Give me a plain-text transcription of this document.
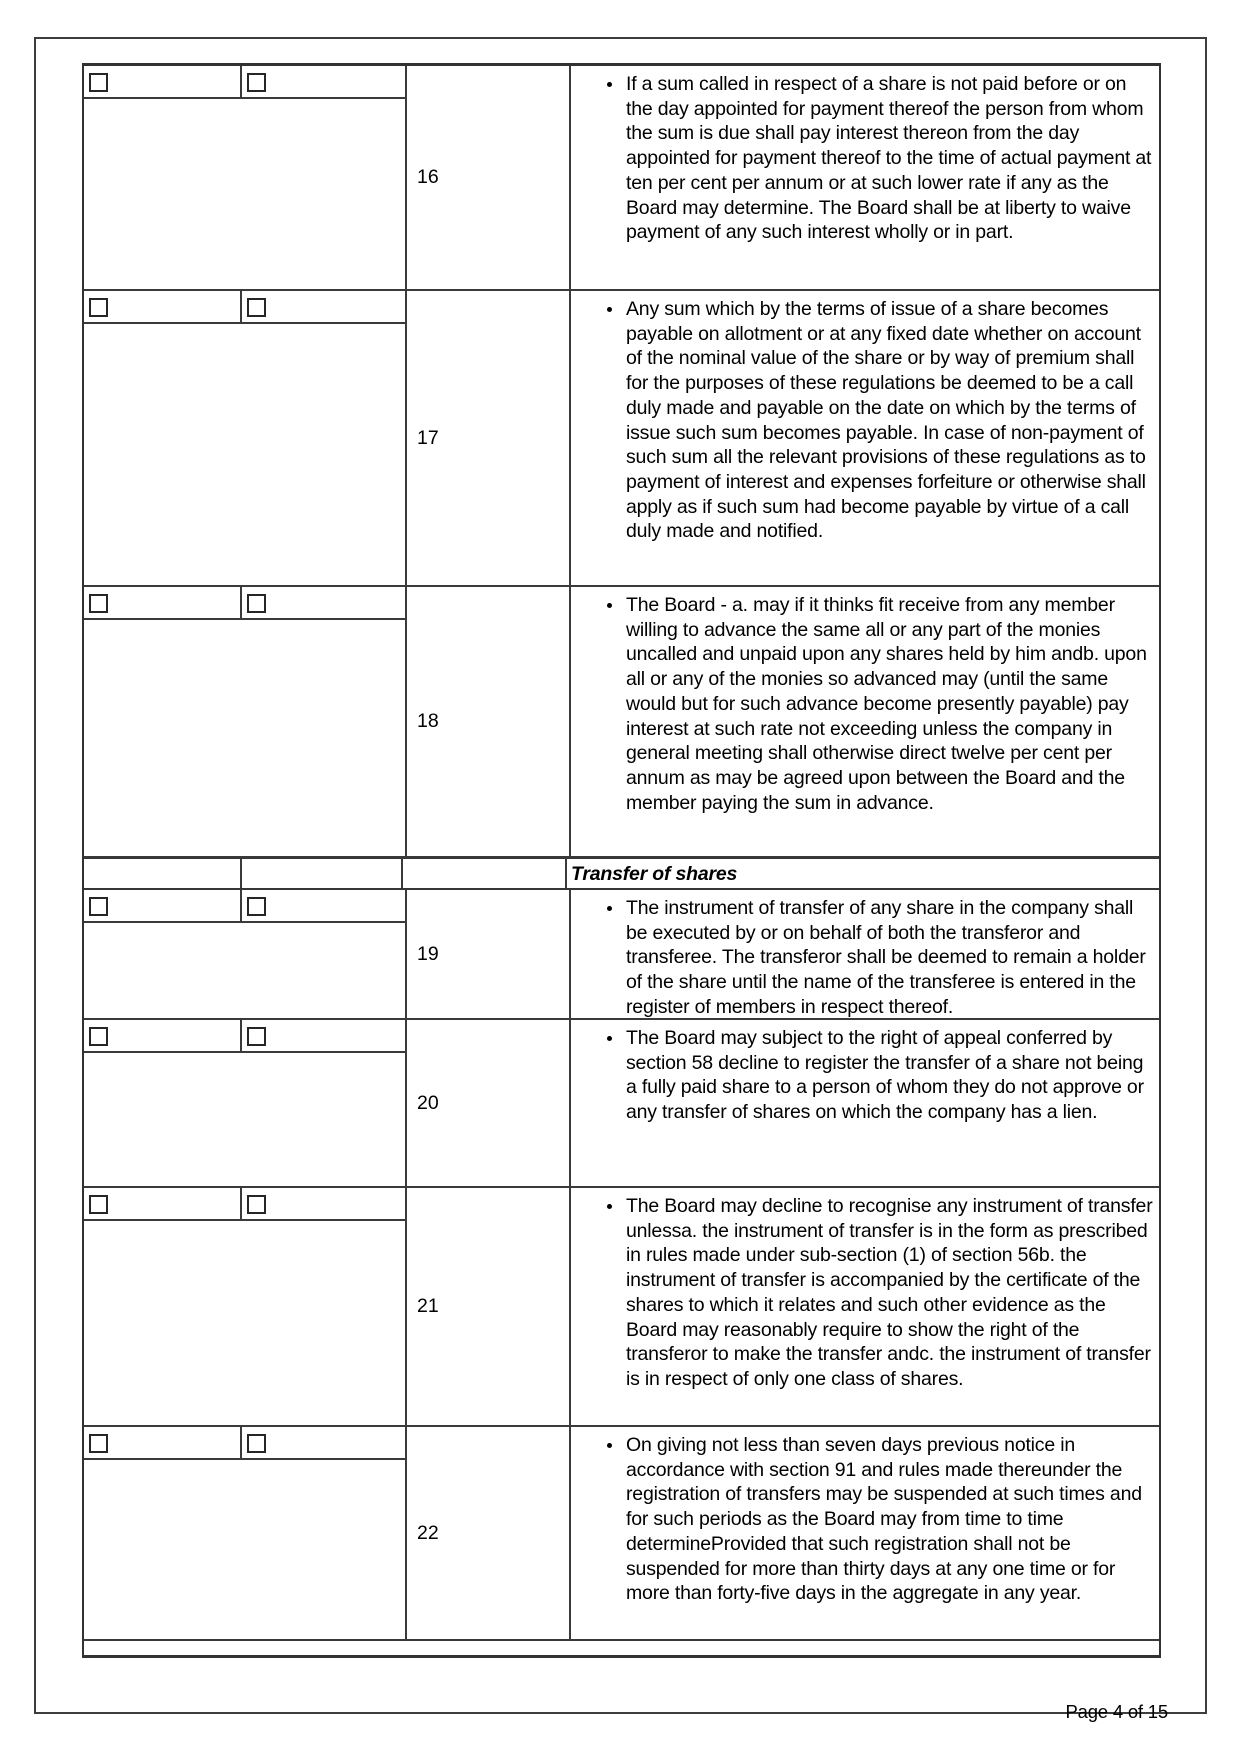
16
• If a sum called in respect of a share is not paid before or on the day appointed for payment thereof the person from whom the sum is due shall pay interest thereon from the day appointed for payment thereof to the time of actual payment at ten per cent per annum or at such lower rate if any as the Board may determine. The Board shall be at liberty to waive payment of any such interest wholly or in part.
17
• Any sum which by the terms of issue of a share becomes payable on allotment or at any fixed date whether on account of the nominal value of the share or by way of premium shall for the purposes of these regulations be deemed to be a call duly made and payable on the date on which by the terms of issue such sum becomes payable. In case of non-payment of such sum all the relevant provisions of these regulations as to payment of interest and expenses forfeiture or otherwise shall apply as if such sum had become payable by virtue of a call duly made and notified.
18
• The Board - a. may if it thinks fit receive from any member willing to advance the same all or any part of the monies uncalled and unpaid upon any shares held by him andb. upon all or any of the monies so advanced may (until the same would but for such advance become presently payable) pay interest at such rate not exceeding unless the company in general meeting shall otherwise direct twelve per cent per annum as may be agreed upon between the Board and the member paying the sum in advance.
Transfer of shares
19
• The instrument of transfer of any share in the company shall be executed by or on behalf of both the transferor and transferee. The transferor shall be deemed to remain a holder of the share until the name of the transferee is entered in the register of members in respect thereof.
20
• The Board may subject to the right of appeal conferred by section 58 decline to register the transfer of a share not being a fully paid share to a person of whom they do not approve or any transfer of shares on which the company has a lien.
21
• The Board may decline to recognise any instrument of transfer unlessa. the instrument of transfer is in the form as prescribed in rules made under sub-section (1) of section 56b. the instrument of transfer is accompanied by the certificate of the shares to which it relates and such other evidence as the Board may reasonably require to show the right of the transferor to make the transfer andc. the instrument of transfer is in respect of only one class of shares.
22
• On giving not less than seven days previous notice in accordance with section 91 and rules made thereunder the registration of transfers may be suspended at such times and for such periods as the Board may from time to time determineProvided that such registration shall not be suspended for more than thirty days at any one time or for more than forty-five days in the aggregate in any year.
Page 4 of 15
